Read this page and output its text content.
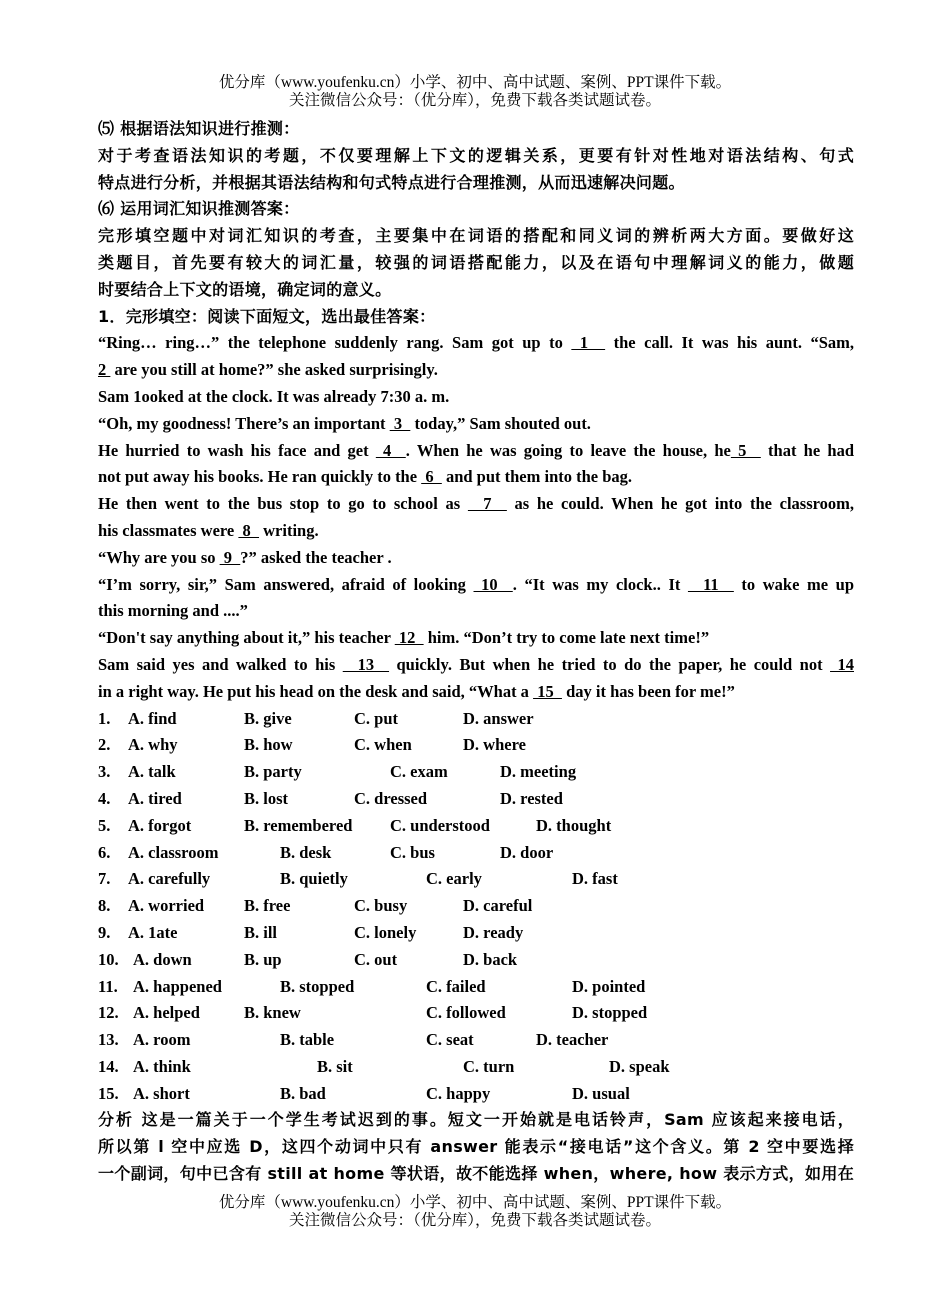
优分库（www.youfenku.cn）小学、初中、高中试题、案例、PPT课件下载。
关注微信公众号：（优分库），免费下载各类试题试卷。
⑸ 根据语法知识进行推测：
对于考查语法知识的考题，不仅要理解上下文的逻辑关系，更要有针对性地对语法结构、句式
特点进行分析，并根据其语法结构和句式特点进行合理推测，从而迅速解决问题。
⑹ 运用词汇知识推测答案：
完形填空题中对词汇知识的考查，主要集中在词语的搭配和同义词的辨析两大方面。要做好这
类题目，首先要有较大的词汇量，较强的词语搭配能力，以及在语句中理解词义的能力，做题
时要结合上下文的语境，确定词的意义。
1．完形填空：阅读下面短文，选出最佳答案：
“Ring… ring…” the telephone suddenly rang. Sam got up to  1   the call. It was his aunt. “Sam,
2  are you still at home?” she asked surprisingly.
Sam 1ooked at the clock. It was already 7:30 a. m.
“Oh, my goodness! There’s an important  3   today,” Sam shouted out.
He hurried to wash his face and get  4  . When he was going to leave the house, he 5   that he had
not put away his books. He ran quickly to the  6   and put them into the bag.
He then went to the bus stop to go to school as   7   as he could. When he got into the classroom,
his classmates were  8   writing.
“Why are you so  9  ?” asked the teacher .
“I’m sorry, sir,” Sam answered, afraid of looking  10  . “It was my clock.. It   11   to wake me up
this morning and ....”
“Don't say anything about it,” his teacher  12   him. “Don’t try to come late next time!”
Sam said yes and walked to his   13   quickly. But when he tried to do the paper, he could not  14
in a right way. He put his head on the desk and said, “What a  15   day it has been for me!”
1. A. find	B. give	C. put	D. answer
2. A. why	B. how	C. when	D. where
3. A. talk	B. party	C. exam	D. meeting
4. A. tired	B. lost	C. dressed	D. rested
5. A. forgot	B. remembered C. understood	D. thought
6. A. classroom	B. desk	C. bus	D. door
7. A. carefully	B. quietly	C. early	D. fast
8. A. worried B. free	C. busy	D. careful
9. A. 1ate	B. ill	C. lonely	D. ready
10. A. down	B. up	C. out	D. back
11. A. happened	B. stopped	C. failed	D. pointed
12. A. helped	B. knew	C. followed	D. stopped
13. A. room	B. table	C. seat	D. teacher
14. A. think	B. sit	C. turn	D. speak
15. A. short	B. bad	C. happy	D. usual
分析 这是一篇关于一个学生考试迟到的事。短文一开始就是电话铃声，Sam 应该起来接电话，
所以第 l 空中应选 D，这四个动词中只有 answer 能表示“接电话”这个含义。第 2 空中要选择
一个副词，句中已含有 still at home 等状语，故不能选择 when，where, how 表示方式，如用在
优分库（www.youfenku.cn）小学、初中、高中试题、案例、PPT课件下载。
关注微信公众号：（优分库），免费下载各类试题试卷。
